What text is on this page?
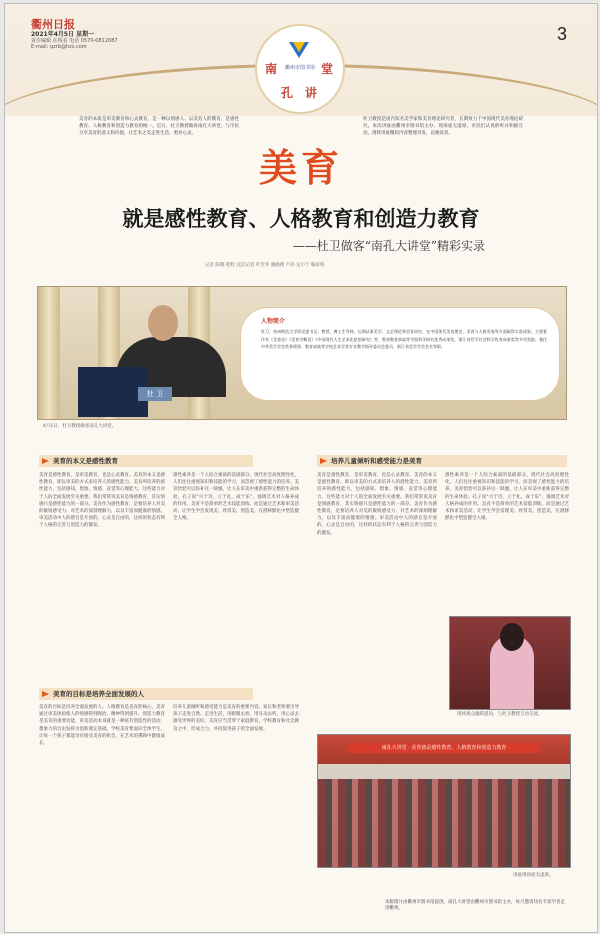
衢州日报
2021年4月5日 星期一
责任编辑 在线看 电话 0570-0812087
E-mail: qzrb@hzs.com
3
衢州市图书馆
南	堂
孔 讲
美育的本质是审美教育和心灵教育，是一种以情感人、以美育人的教育，是感性教育、人格教育和创造力教育的统一。近日，杜卫教授做客南孔大讲堂，与市民分享美育的意义和价值，让艺术之美走进生活，照亮心灵。
杜卫教授是国内知名美学家和美育理论研究者，长期致力于中国现代美育理论研究。本次讲座由衢州市图书馆主办，现场座无虚席，市民们认真聆听并积极互动。现将讲座精彩内容整理刊发，以飨读者。
美育
就是感性教育、人格教育和创造力教育
——杜卫做客“南孔大讲堂”精彩实录
记者 陈晓 程程 沉沉记者 叶芳华 潘晓燕 卢泽 吴小宁 编审校
杜 卫
人物简介
杜卫，杭州师范大学原党委书记，教授，博士生导师。长期从事美学、文艺理论和美育研究，在中国现代美育理论、美育与人格发展等方面取得丰富成果。主要著作有《美育论》《美育学概论》《中国现代人生艺术化思想研究》等，曾获教育部高等学校科学研究优秀成果奖、浙江省哲学社会科学优秀成果奖等多项奖励。兼任中华美学学会常务理事、教育部高等学校艺术学类专业教学指导委员会委员、浙江省美学学会会长等职。
4月1日，杜卫教授做客南孔大讲堂。
美育的本义是感性教育
美育的目标是培养全面发展的人
培养儿童倾听和感受能力是美育
美育是感性教育，是审美教育，也是心灵教育。美育的本义是感性教育，即以审美的方式来培养人的感性能力。美育所培养的感性能力，包括感知、想象、情感、直觉等心理能力，这些能力对于人的全面发展至关重要。我们常常说美育是情感教育，其实情感只是感性能力的一部分。美育作为感性教育，是要培养人对美的敏锐感受力、对艺术的深刻理解力，以及丰富而健康的情感。审美活动中人的感官是开放的，心灵是自由的，这样的状态有利于人格的完善与创造力的激发。
感性素养是一个人综合素质的基础部分。现代社会高度理性化，人们往往重视知识和技能的学习，而忽视了感性能力的培养。美育恰恰可以弥补这一缺憾，让人在审美中重新获得完整的生命体验。孔子说“兴于诗，立于礼，成于乐”，强调艺术对人格养成的作用。美育不是简单的艺术技能训练，而是通过艺术和审美活动，让学生学会发现美、欣赏美、创造美，在潜移默化中塑造健全人格。
美育的目标是培养全面发展的人。人格教育是美育的核心，美育通过审美体验使人的情感得到陶冶、精神得到提升。创造力教育是美育的重要功能，审美活动本身就是一种富有创造性的活动，想象力的自由发挥为创新奠定基础。学校美育要面向全体学生，让每一个孩子都能享有接受美育的机会，在艺术的熏陶中健康成长。
培养儿童倾听和感受能力是美育的重要内容。家长和老师要引导孩子走进自然、走进生活，用眼睛去看，用耳朵去听，用心灵去感受世界的美好。美育应当贯穿于家庭教育、学校教育和社会教育之中，形成合力，共同促进孩子的全面发展。
美育是感性教育，是审美教育，也是心灵教育。美育的本义是感性教育，即以审美的方式来培养人的感性能力。美育所培养的感性能力，包括感知、想象、情感、直觉等心理能力，这些能力对于人的全面发展至关重要。我们常常说美育是情感教育，其实情感只是感性能力的一部分。美育作为感性教育，是要培养人对美的敏锐感受力、对艺术的深刻理解力，以及丰富而健康的情感。审美活动中人的感官是开放的，心灵是自由的，这样的状态有利于人格的完善与创造力的激发。
感性素养是一个人综合素质的基础部分。现代社会高度理性化，人们往往重视知识和技能的学习，而忽视了感性能力的培养。美育恰恰可以弥补这一缺憾，让人在审美中重新获得完整的生命体验。孔子说“兴于诗，立于礼，成于乐”，强调艺术对人格养成的作用。美育不是简单的艺术技能训练，而是通过艺术和审美活动，让学生学会发现美、欣赏美、创造美，在潜移默化中塑造健全人格。
现场观众踊跃提问，与杜卫教授互动交流。
南孔大讲堂 · 美育就是感性教育、人格教育和创造力教育
讲座现场座无虚席。
本版图片由衢州市图书馆提供。南孔大讲堂由衢州市图书馆主办，每月邀请知名专家学者走进衢州。
